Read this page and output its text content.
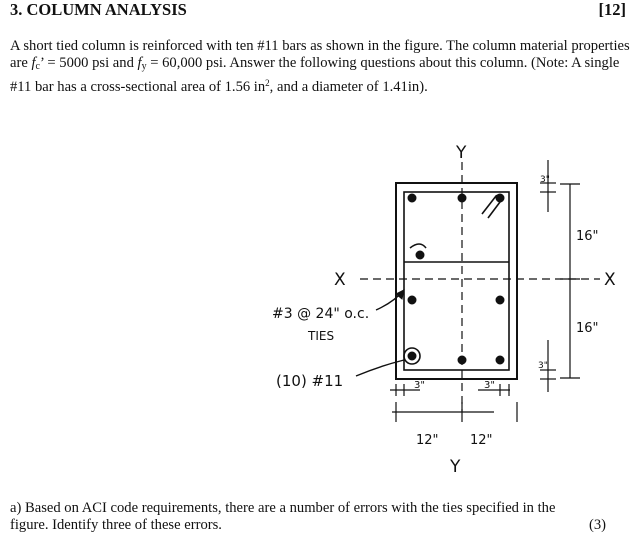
3. COLUMN ANALYSIS	[12]
A short tied column is reinforced with ten #11 bars as shown in the figure. The column material properties are $f_c$’ = 5000 psi and $f_y = 60,000$ psi. Answer the following questions about this column. (Note: A single #11 bar has a cross-sectional area of 1.56 $in^2$, and a diameter of 1.41in).
Y
Y
X	X
#3 @ 24" o.c.
TIES
(10) #11
3"
3"
16"
16"
3"	3"
12" 12"
a) Based on ACI code requirements, there are a number of errors with the ties specified in the figure. Identify three of these errors.	(3)
